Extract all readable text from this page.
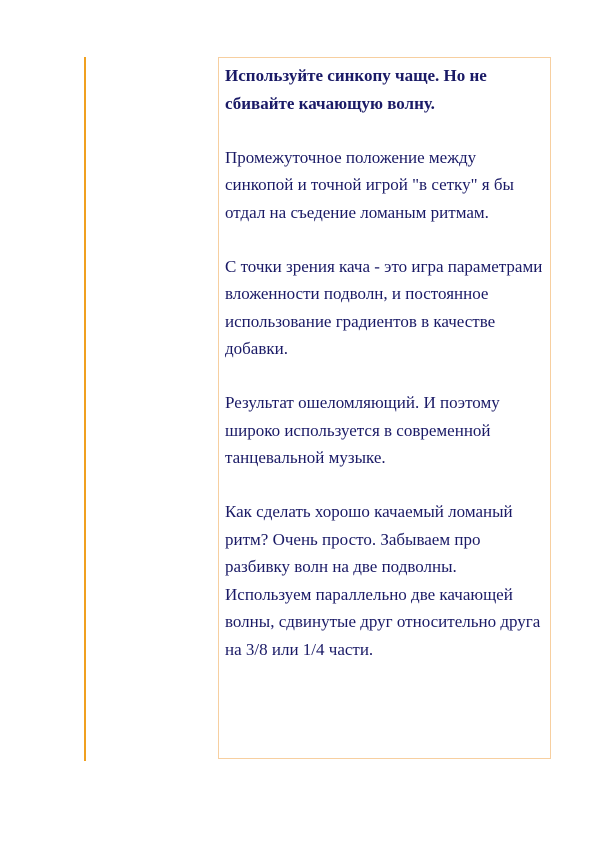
Используйте синкопу чаще. Но не сбивайте качающую волну.

Промежуточное положение между синкопой и точной игрой "в сетку" я бы отдал на съедение ломаным ритмам.

С точки зрения кача - это игра параметрами вложенности подволн, и постоянное использование градиентов в качестве добавки.

Результат ошеломляющий. И поэтому широко используется в современной танцевальной музыке.

Как сделать хорошо качаемый ломаный ритм? Очень просто. Забываем про разбивку волн на две подволны. Используем параллельно две качающей волны, сдвинутые друг относительно друга на 3/8 или 1/4 части.
